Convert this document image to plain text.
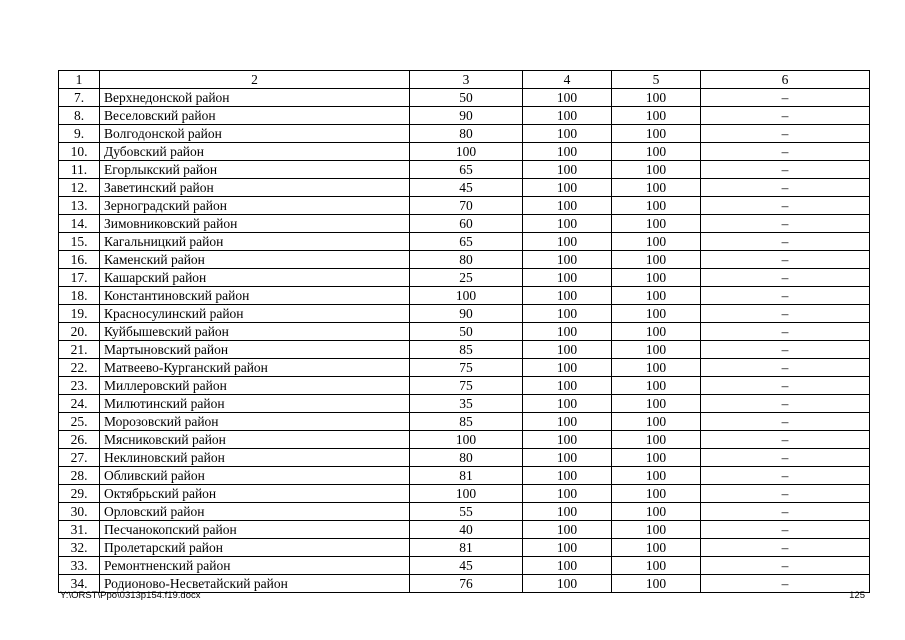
1	2	3	4	5	6
7.	Верхнедонской район	50	100	100	–
8.	Веселовский район	90	100	100	–
9.	Волгодонской район	80	100	100	–
10.	Дубовский район	100	100	100	–
11.	Егорлыкский район	65	100	100	–
12.	Заветинский район	45	100	100	–
13.	Зерноградский район	70	100	100	–
14.	Зимовниковский район	60	100	100	–
15.	Кагальницкий район	65	100	100	–
16.	Каменский район	80	100	100	–
17.	Кашарский район	25	100	100	–
18.	Константиновский район	100	100	100	–
19.	Красносулинский район	90	100	100	–
20.	Куйбышевский район	50	100	100	–
21.	Мартыновский район	85	100	100	–
22.	Матвеево-Курганский район	75	100	100	–
23.	Миллеровский район	75	100	100	–
24.	Милютинский район	35	100	100	–
25.	Морозовский район	85	100	100	–
26.	Мясниковский район	100	100	100	–
27.	Неклиновский район	80	100	100	–
28.	Обливский район	81	100	100	–
29.	Октябрьский район	100	100	100	–
30.	Орловский район	55	100	100	–
31.	Песчанокопский район	40	100	100	–
32.	Пролетарский район	81	100	100	–
33.	Ремонтненский район	45	100	100	–
34.	Родионово-Несветайский район	76	100	100	–
Y:\ORST\Ppo\0313p154.f19.docx	125
